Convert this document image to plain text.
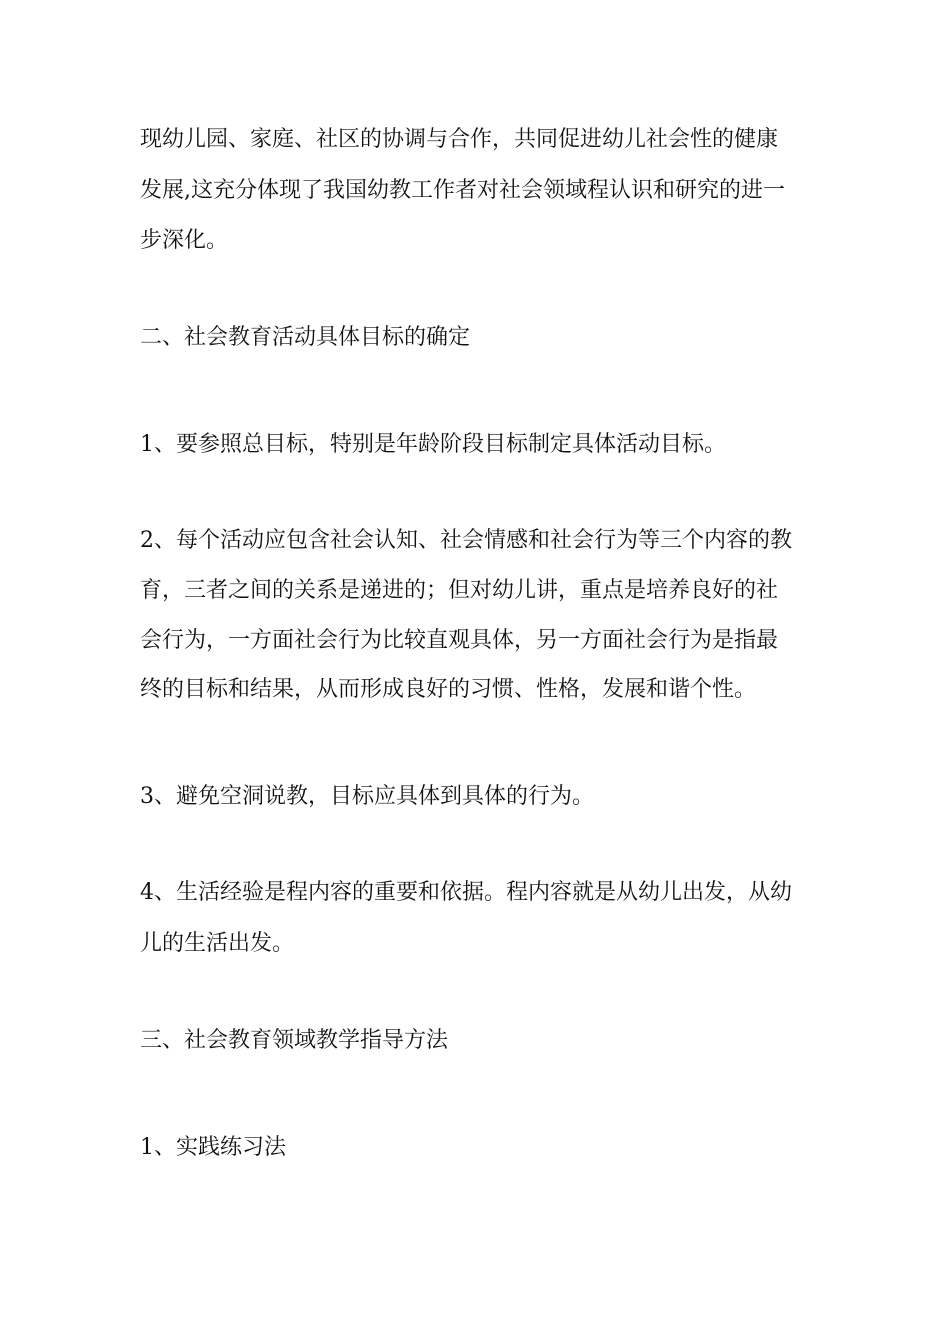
现幼儿园、家庭、社区的协调与合作，共同促进幼儿社会性的健康
发展,这充分体现了我国幼教工作者对社会领域程认识和研究的进一
步深化。
二、社会教育活动具体目标的确定
1、要参照总目标，特别是年龄阶段目标制定具体活动目标。
2、每个活动应包含社会认知、社会情感和社会行为等三个内容的教
育，三者之间的关系是递进的；但对幼儿讲，重点是培养良好的社
会行为，一方面社会行为比较直观具体，另一方面社会行为是指最
终的目标和结果，从而形成良好的习惯、性格，发展和谐个性。
3、避免空洞说教，目标应具体到具体的行为。
4、生活经验是程内容的重要和依据。程内容就是从幼儿出发，从幼
儿的生活出发。
三、社会教育领域教学指导方法
1、实践练习法
